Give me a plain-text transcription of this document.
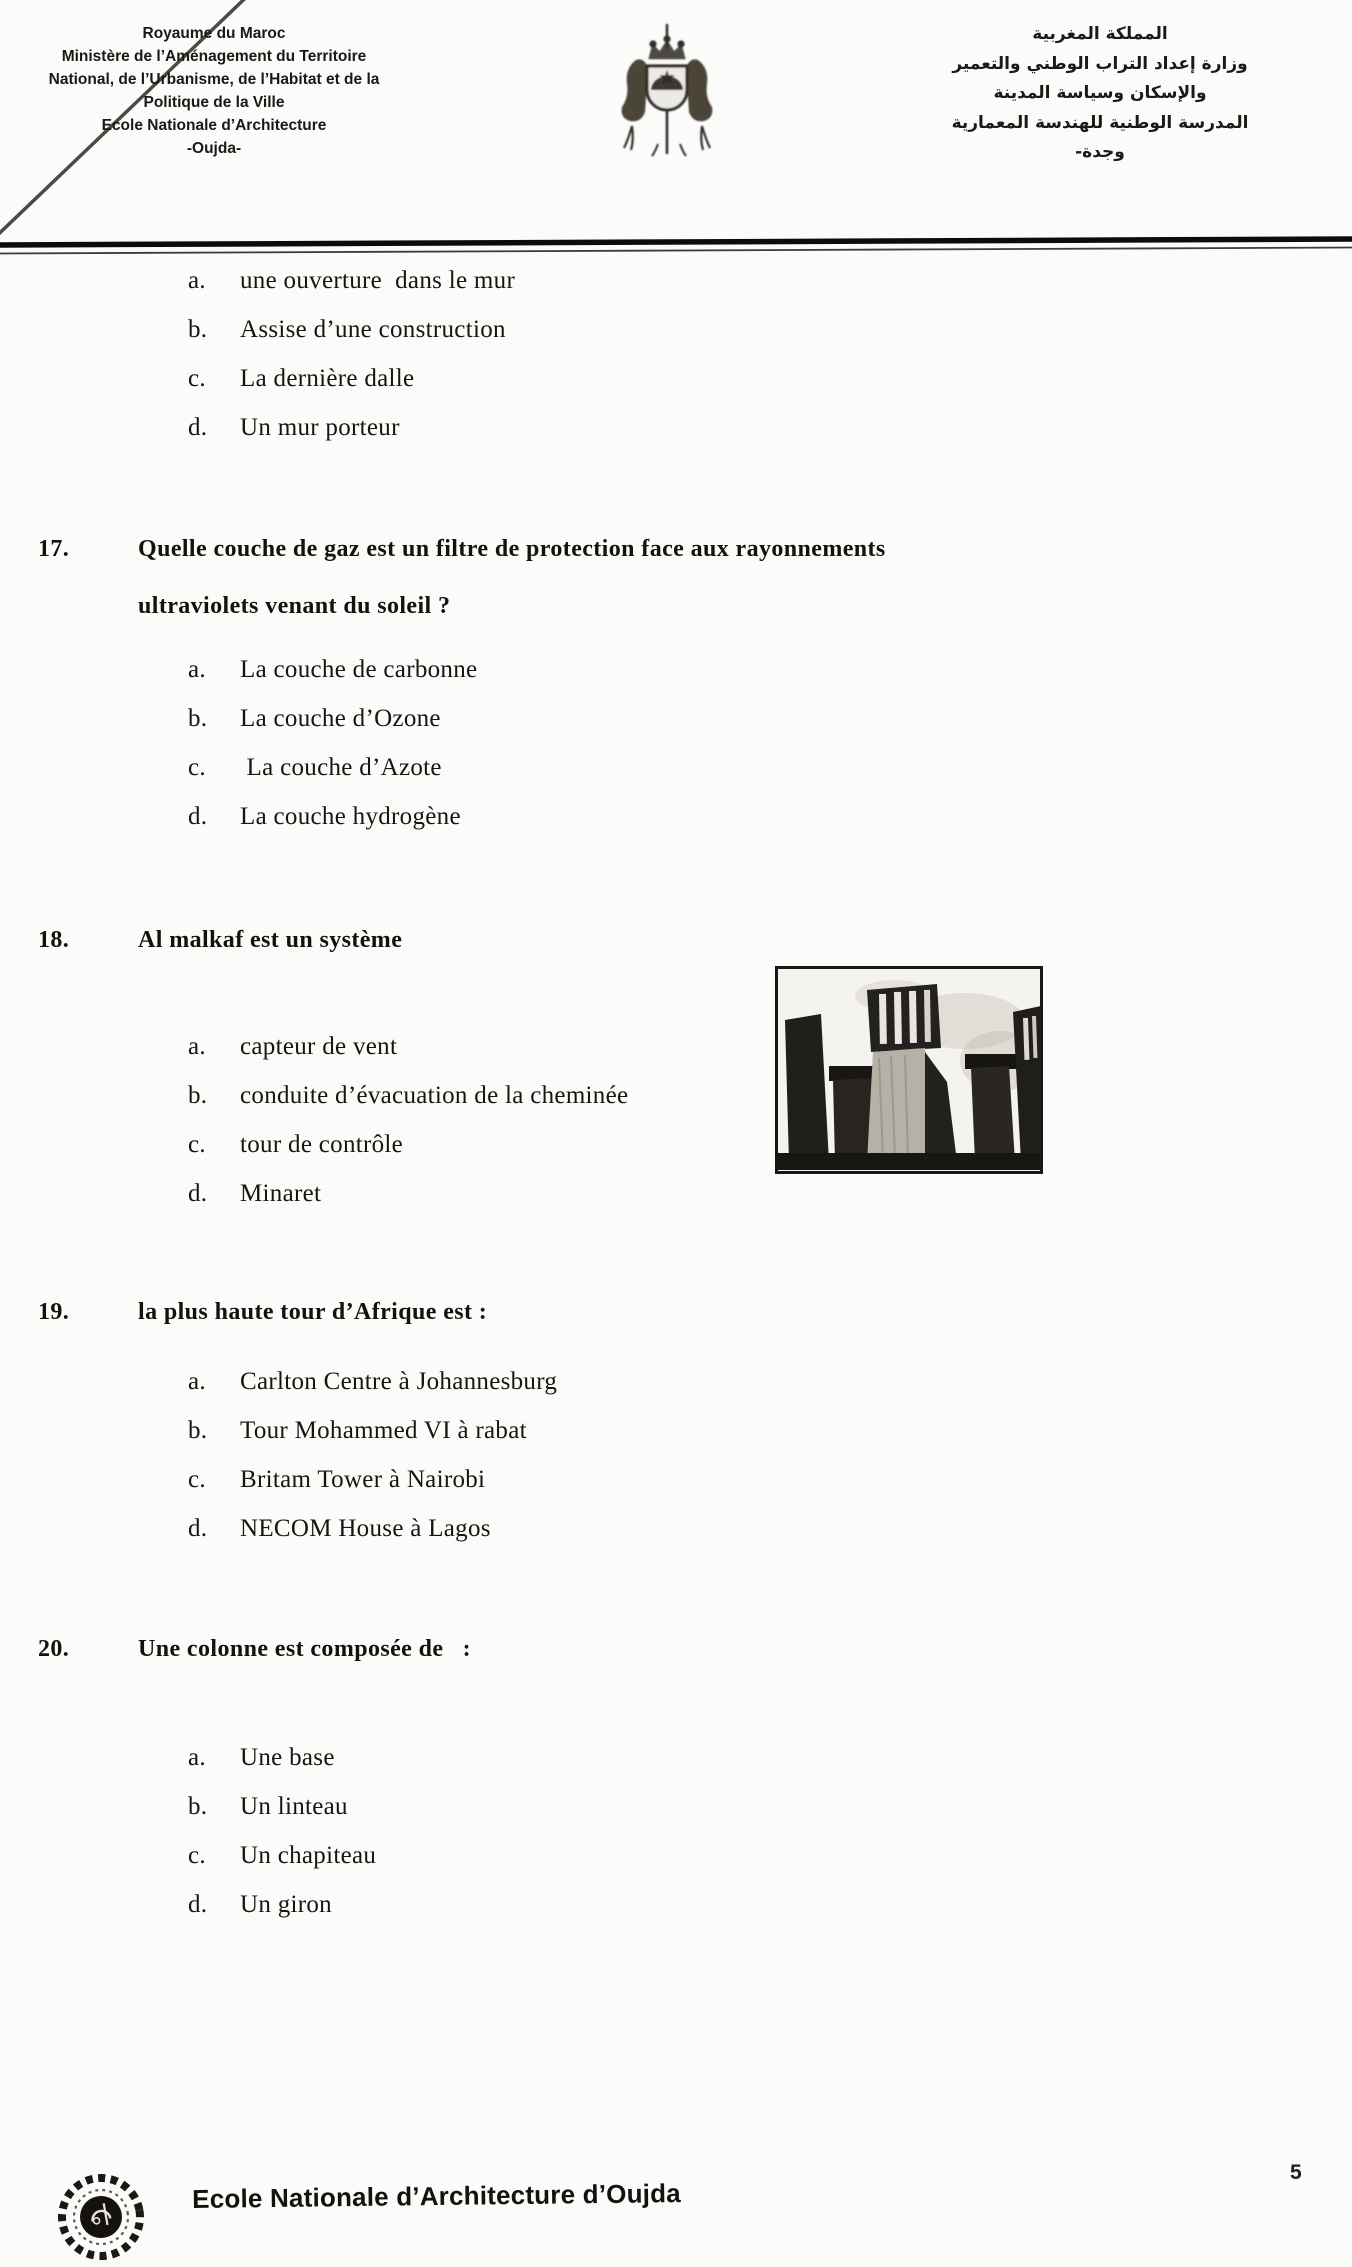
Royaume du Maroc
Ministère de l’Aménagement du Territoire
National, de l’Urbanisme, de l’Habitat et de la
Politique de la Ville
Ecole Nationale d’Architecture
-Oujda-
المملكة المغربية
وزارة إعداد التراب الوطني والتعمير
والإسكان وسياسة المدينة
المدرسة الوطنية للهندسة المعمارية
وجدة-
a.	une ouverture  dans le mur
b.	Assise d’une construction
c.	La dernière dalle
d.	Un mur porteur
17.	Quelle couche de gaz est un filtre de protection face aux rayonnements
ultraviolets venant du soleil ?
a.	La couche de carbonne
b.	La couche d’Ozone
c.	La couche d’Azote
d.	La couche hydrogène
18.	Al malkaf est un système
a.	capteur de vent
b.	conduite d’évacuation de la cheminée
c.	tour de contrôle
d.	Minaret
19.	la plus haute tour d’Afrique est :
a.	Carlton Centre à Johannesburg
b.	Tour Mohammed VI à rabat
c.	Britam Tower à Nairobi
d.	NECOM House à Lagos
20.	Une colonne est composée de   :
a.	Une base
b.	Un linteau
c.	Un chapiteau
d.	Un giron
Ecole Nationale d’Architecture d’Oujda
5
